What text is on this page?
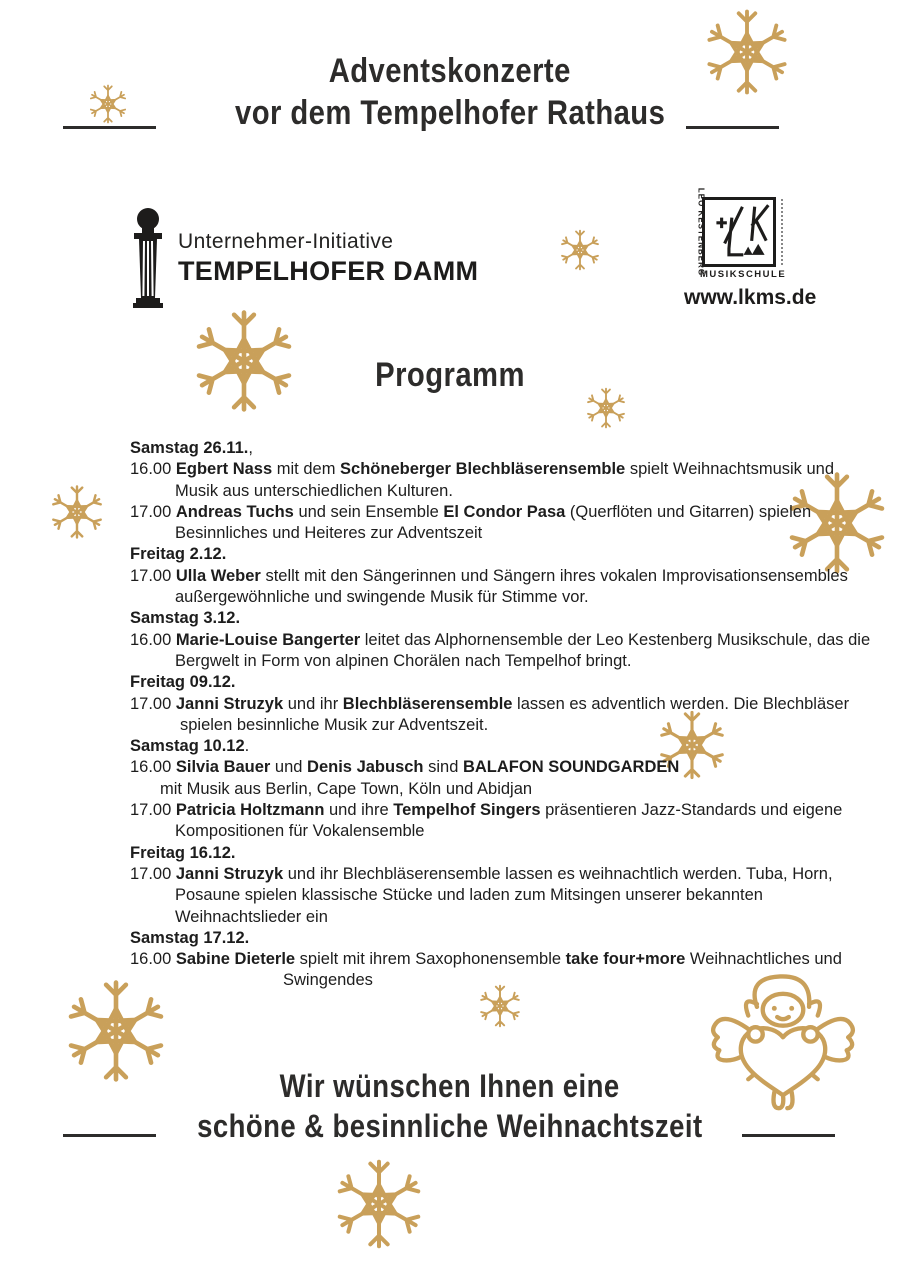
Adventskonzerte
vor dem Tempelhofer Rathaus
Unternehmer-Initiative
TEMPELHOFER DAMM	LEO KESTENBERG
MUSIKSCHULE
www.lkms.de
Programm
Samstag 26.11.,
16.00 Egbert Nass mit dem Schöneberger Blechbläserensemble spielt Weihnachtsmusik und
Musik aus unterschiedlichen Kulturen.
17.00 Andreas Tuchs und sein Ensemble El Condor Pasa (Querflöten und Gitarren) spielen
Besinnliches und Heiteres zur Adventszeit
Freitag 2.12.
17.00 Ulla Weber stellt mit den Sängerinnen und Sängern ihres vokalen Improvisationsensembles
außergewöhnliche und swingende Musik für Stimme vor.
Samstag 3.12.
16.00 Marie-Louise Bangerter leitet das Alphornensemble der Leo Kestenberg Musikschule, das die
Bergwelt in Form von alpinen Chorälen nach Tempelhof bringt.
Freitag 09.12.
17.00 Janni Struzyk und ihr Blechbläserensemble lassen es adventlich werden. Die Blechbläser
spielen besinnliche Musik zur Adventszeit.
Samstag 10.12.
16.00 Silvia Bauer und Denis Jabusch sind BALAFON SOUNDGARDEN
mit Musik aus Berlin, Cape Town, Köln und Abidjan
17.00 Patricia Holtzmann und ihre Tempelhof Singers präsentieren Jazz-Standards und eigene
Kompositionen für Vokalensemble
Freitag 16.12.
17.00 Janni Struzyk und ihr Blechbläserensemble lassen es weihnachtlich werden. Tuba, Horn,
Posaune spielen klassische Stücke und laden zum Mitsingen unserer bekannten
Weihnachtslieder ein
Samstag 17.12.
16.00 Sabine Dieterle spielt mit ihrem Saxophonensemble take four+more Weihnachtliches und
Swingendes
Wir wünschen Ihnen eine
schöne & besinnliche Weihnachtszeit
